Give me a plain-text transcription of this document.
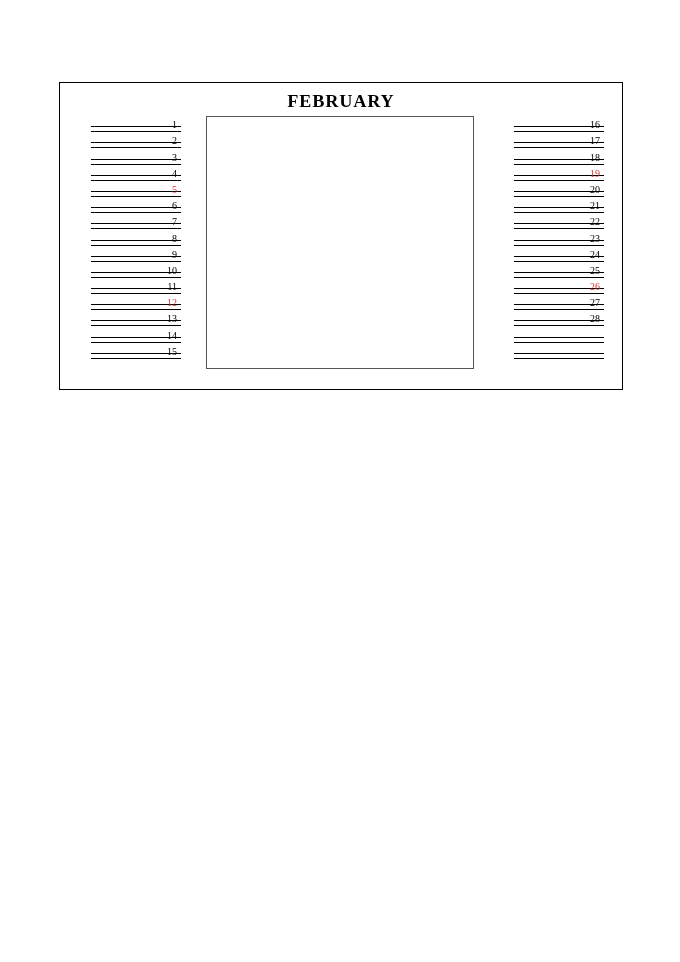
FEBRUARY
1
2
3
4
5
6
7
8
9
10
11
12
13
14
15
16
17
18
19
20
21
22
23
24
25
26
27
28
